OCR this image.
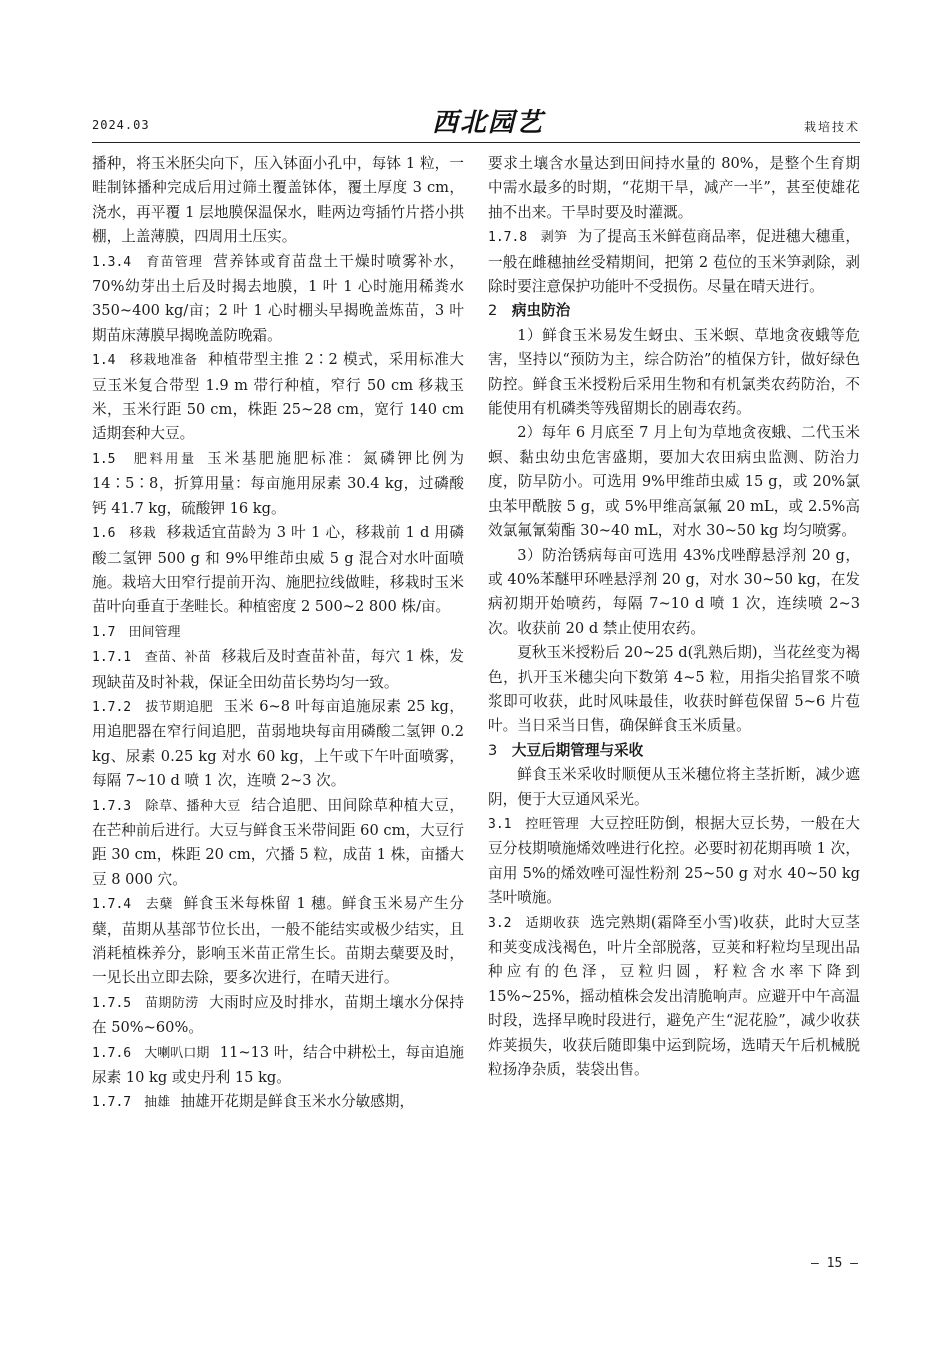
2024.03	西北园艺	栽培技术

播种，将玉米胚尖向下，压入钵面小孔中，每钵 1 粒，一畦制钵播种完成后用过筛土覆盖钵体，覆土厚度 3 cm，浇水，再平覆 1 层地膜保温保水，畦两边弯插竹片搭小拱棚，上盖薄膜，四周用土压实。

1.3.4　育苗管理 营养钵或育苗盘土干燥时喷雾补水，70%幼芽出土后及时揭去地膜，1 叶 1 心时施用稀粪水 350~400 kg/亩；2 叶 1 心时棚头早揭晚盖炼苗，3 叶期苗床薄膜早揭晚盖防晚霜。

1.4　移栽地准备 种植带型主推 2∶2 模式，采用标准大豆玉米复合带型 1.9 m 带行种植，窄行 50 cm 移栽玉米，玉米行距 50 cm，株距 25~28 cm，宽行 140 cm 适期套种大豆。

1.5　肥料用量 玉米基肥施肥标准：氮磷钾比例为 14∶5∶8，折算用量：每亩施用尿素 30.4 kg，过磷酸钙 41.7 kg，硫酸钾 16 kg。

1.6　移栽 移栽适宜苗龄为 3 叶 1 心，移栽前 1 d 用磷酸二氢钾 500 g 和 9%甲维茚虫威 5 g 混合对水叶面喷施。栽培大田窄行提前开沟、施肥拉线做畦，移栽时玉米苗叶向垂直于垄畦长。种植密度 2 500~2 800 株/亩。

1.7　田间管理

1.7.1　查苗、补苗 移栽后及时查苗补苗，每穴 1 株，发现缺苗及时补栽，保证全田幼苗长势均匀一致。

1.7.2　拔节期追肥 玉米 6~8 叶每亩追施尿素 25 kg，用追肥器在窄行间追肥，苗弱地块每亩用磷酸二氢钾 0.2 kg、尿素 0.25 kg 对水 60 kg，上午或下午叶面喷雾，每隔 7~10 d 喷 1 次，连喷 2~3 次。

1.7.3　除草、播种大豆 结合追肥、田间除草种植大豆，在芒种前后进行。大豆与鲜食玉米带间距 60 cm，大豆行距 30 cm，株距 20 cm，穴播 5 粒，成苗 1 株，亩播大豆 8 000 穴。

1.7.4　去蘖 鲜食玉米每株留 1 穗。鲜食玉米易产生分蘖，苗期从基部节位长出，一般不能结实或极少结实，且消耗植株养分，影响玉米苗正常生长。苗期去蘖要及时，一见长出立即去除，要多次进行，在晴天进行。

1.7.5　苗期防涝 大雨时应及时排水，苗期土壤水分保持在 50%~60%。

1.7.6　大喇叭口期 11~13 叶，结合中耕松土，每亩追施尿素 10 kg 或史丹利 15 kg。

1.7.7　抽雄 抽雄开花期是鲜食玉米水分敏感期，

要求土壤含水量达到田间持水量的 80%，是整个生育期中需水最多的时期，“花期干旱，减产一半”，甚至使雄花抽不出来。干旱时要及时灌溉。

1.7.8　剥笋 为了提高玉米鲜苞商品率，促进穗大穗重，一般在雌穗抽丝受精期间，把第 2 苞位的玉米笋剥除，剥除时要注意保护功能叶不受损伤。尽量在晴天进行。

2 病虫防治

1）鲜食玉米易发生蚜虫、玉米螟、草地贪夜蛾等危害，坚持以“预防为主，综合防治”的植保方针，做好绿色防控。鲜食玉米授粉后采用生物和有机氯类农药防治，不能使用有机磷类等残留期长的剧毒农药。

2）每年 6 月底至 7 月上旬为草地贪夜蛾、二代玉米螟、黏虫幼虫危害盛期，要加大农田病虫监测、防治力度，防早防小。可选用 9%甲维茚虫威 15 g，或 20%氯虫苯甲酰胺 5 g，或 5%甲维高氯氟 20 mL，或 2.5%高效氯氟氰菊酯 30~40 mL，对水 30~50 kg 均匀喷雾。

3）防治锈病每亩可选用 43%戊唑醇悬浮剂 20 g，或 40%苯醚甲环唑悬浮剂 20 g，对水 30~50 kg，在发病初期开始喷药，每隔 7~10 d 喷 1 次，连续喷 2~3 次。收获前 20 d 禁止使用农药。

夏秋玉米授粉后 20~25 d(乳熟后期)，当花丝变为褐色，扒开玉米穗尖向下数第 4~5 粒，用指尖掐冒浆不喷浆即可收获，此时风味最佳，收获时鲜苞保留 5~6 片苞叶。当日采当日售，确保鲜食玉米质量。

3 大豆后期管理与采收

鲜食玉米采收时顺便从玉米穗位将主茎折断，减少遮阴，便于大豆通风采光。

3.1　控旺管理 大豆控旺防倒，根据大豆长势，一般在大豆分枝期喷施烯效唑进行化控。必要时初花期再喷 1 次，亩用 5%的烯效唑可湿性粉剂 25~50 g 对水 40~50 kg 茎叶喷施。

3.2　适期收获 选完熟期(霜降至小雪)收获，此时大豆茎和荚变成浅褐色，叶片全部脱落，豆荚和籽粒均呈现出品种应有的色泽，豆粒归圆，籽粒含水率下降到 15%~25%，摇动植株会发出清脆响声。应避开中午高温时段，选择早晚时段进行，避免产生“泥花脸”，减少收获炸荚损失，收获后随即集中运到院场，选晴天午后机械脱粒扬净杂质，装袋出售。

— 15 —
